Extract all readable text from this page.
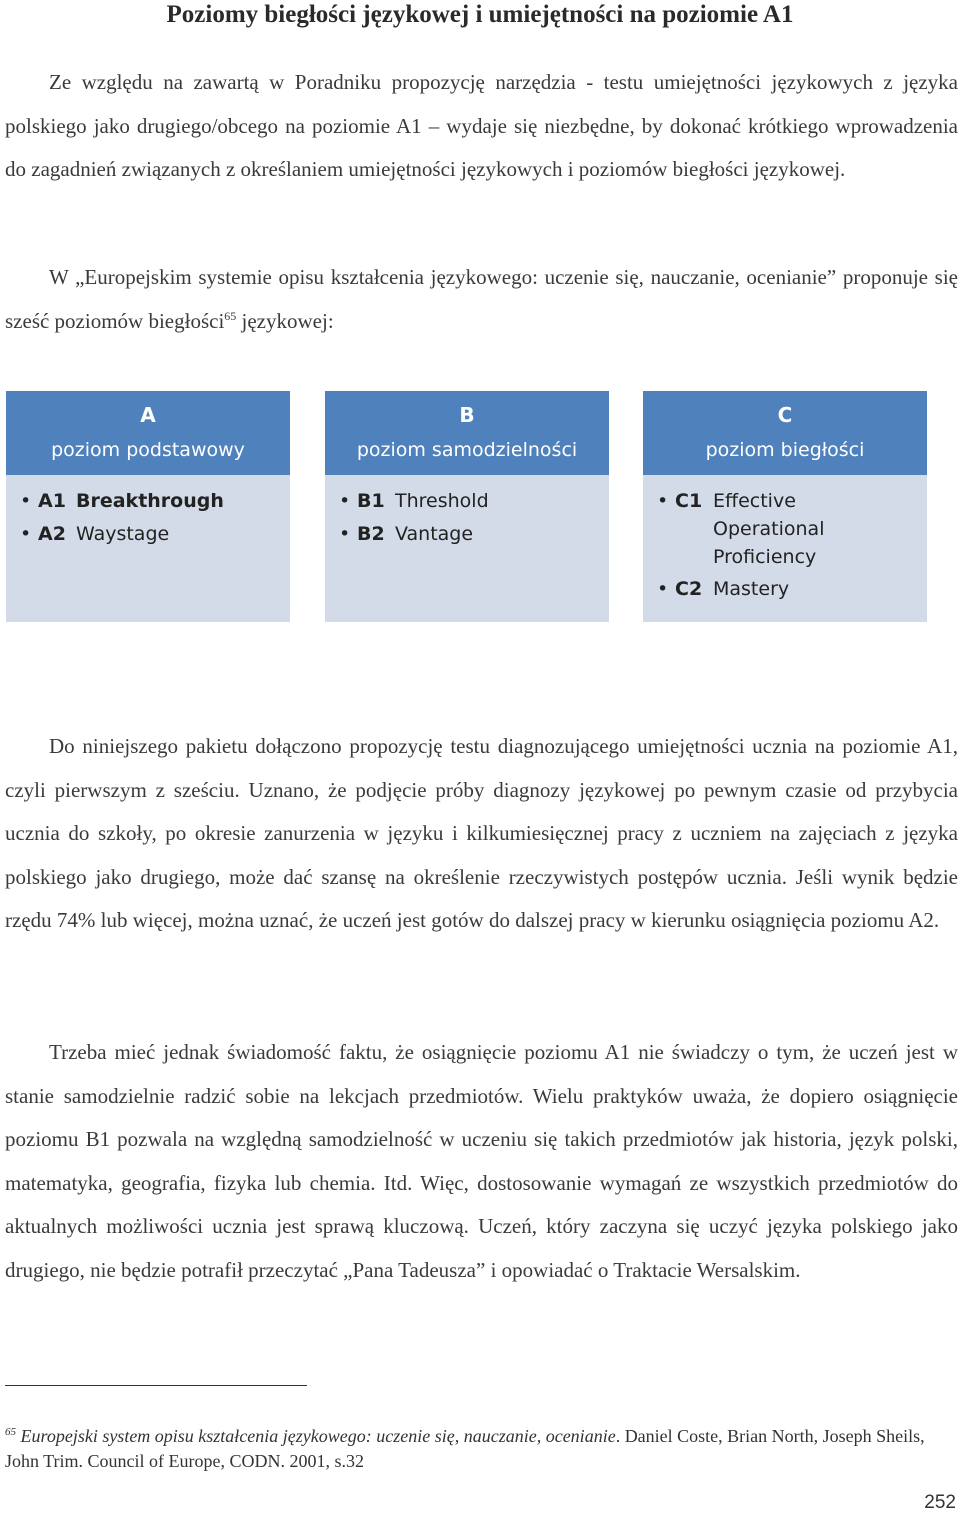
Poziomy biegłości językowej i umiejętności na poziomie A1

Ze względu na zawartą w Poradniku propozycję narzędzia - testu umiejętności językowych z języka polskiego jako drugiego/obcego na poziomie A1 – wydaje się niezbędne, by dokonać krótkiego wprowadzenia do zagadnień związanych z określaniem umiejętności językowych i poziomów biegłości językowej.

W „Europejskim systemie opisu kształcenia językowego: uczenie się, nauczanie, ocenianie” proponuje się sześć poziomów biegłości$^{65}$ językowej:

A
poziom podstawowy
• A1 Breakthrough
• A2 Waystage
B
poziom samodzielności
• B1 Threshold
• B2 Vantage
C
poziom biegłości
• C1 Effective Operational Proficiency
• C2 Mastery

Do niniejszego pakietu dołączono propozycję testu diagnozującego umiejętności ucznia na poziomie A1, czyli pierwszym z sześciu. Uznano, że podjęcie próby diagnozy językowej po pewnym czasie od przybycia ucznia do szkoły, po okresie zanurzenia w języku i kilkumiesięcznej pracy z uczniem na zajęciach z języka polskiego jako drugiego, może dać szansę na określenie rzeczywistych postępów ucznia. Jeśli wynik będzie rzędu 74% lub więcej, można uznać, że uczeń jest gotów do dalszej pracy w kierunku osiągnięcia poziomu A2.

Trzeba mieć jednak świadomość faktu, że osiągnięcie poziomu A1 nie świadczy o tym, że uczeń jest w stanie samodzielnie radzić sobie na lekcjach przedmiotów. Wielu praktyków uważa, że dopiero osiągnięcie poziomu B1 pozwala na względną samodzielność w uczeniu się takich przedmiotów jak historia, język polski, matematyka, geografia, fizyka lub chemia. Itd. Więc, dostosowanie wymagań ze wszystkich przedmiotów do aktualnych możliwości ucznia jest sprawą kluczową. Uczeń, który zaczyna się uczyć języka polskiego jako drugiego, nie będzie potrafił przeczytać „Pana Tadeusza” i opowiadać o Traktacie Wersalskim.

$^{65}$ Europejski system opisu kształcenia językowego: uczenie się, nauczanie, ocenianie. Daniel Coste, Brian North, Joseph Sheils, John Trim. Council of Europe, CODN. 2001, s.32

252
